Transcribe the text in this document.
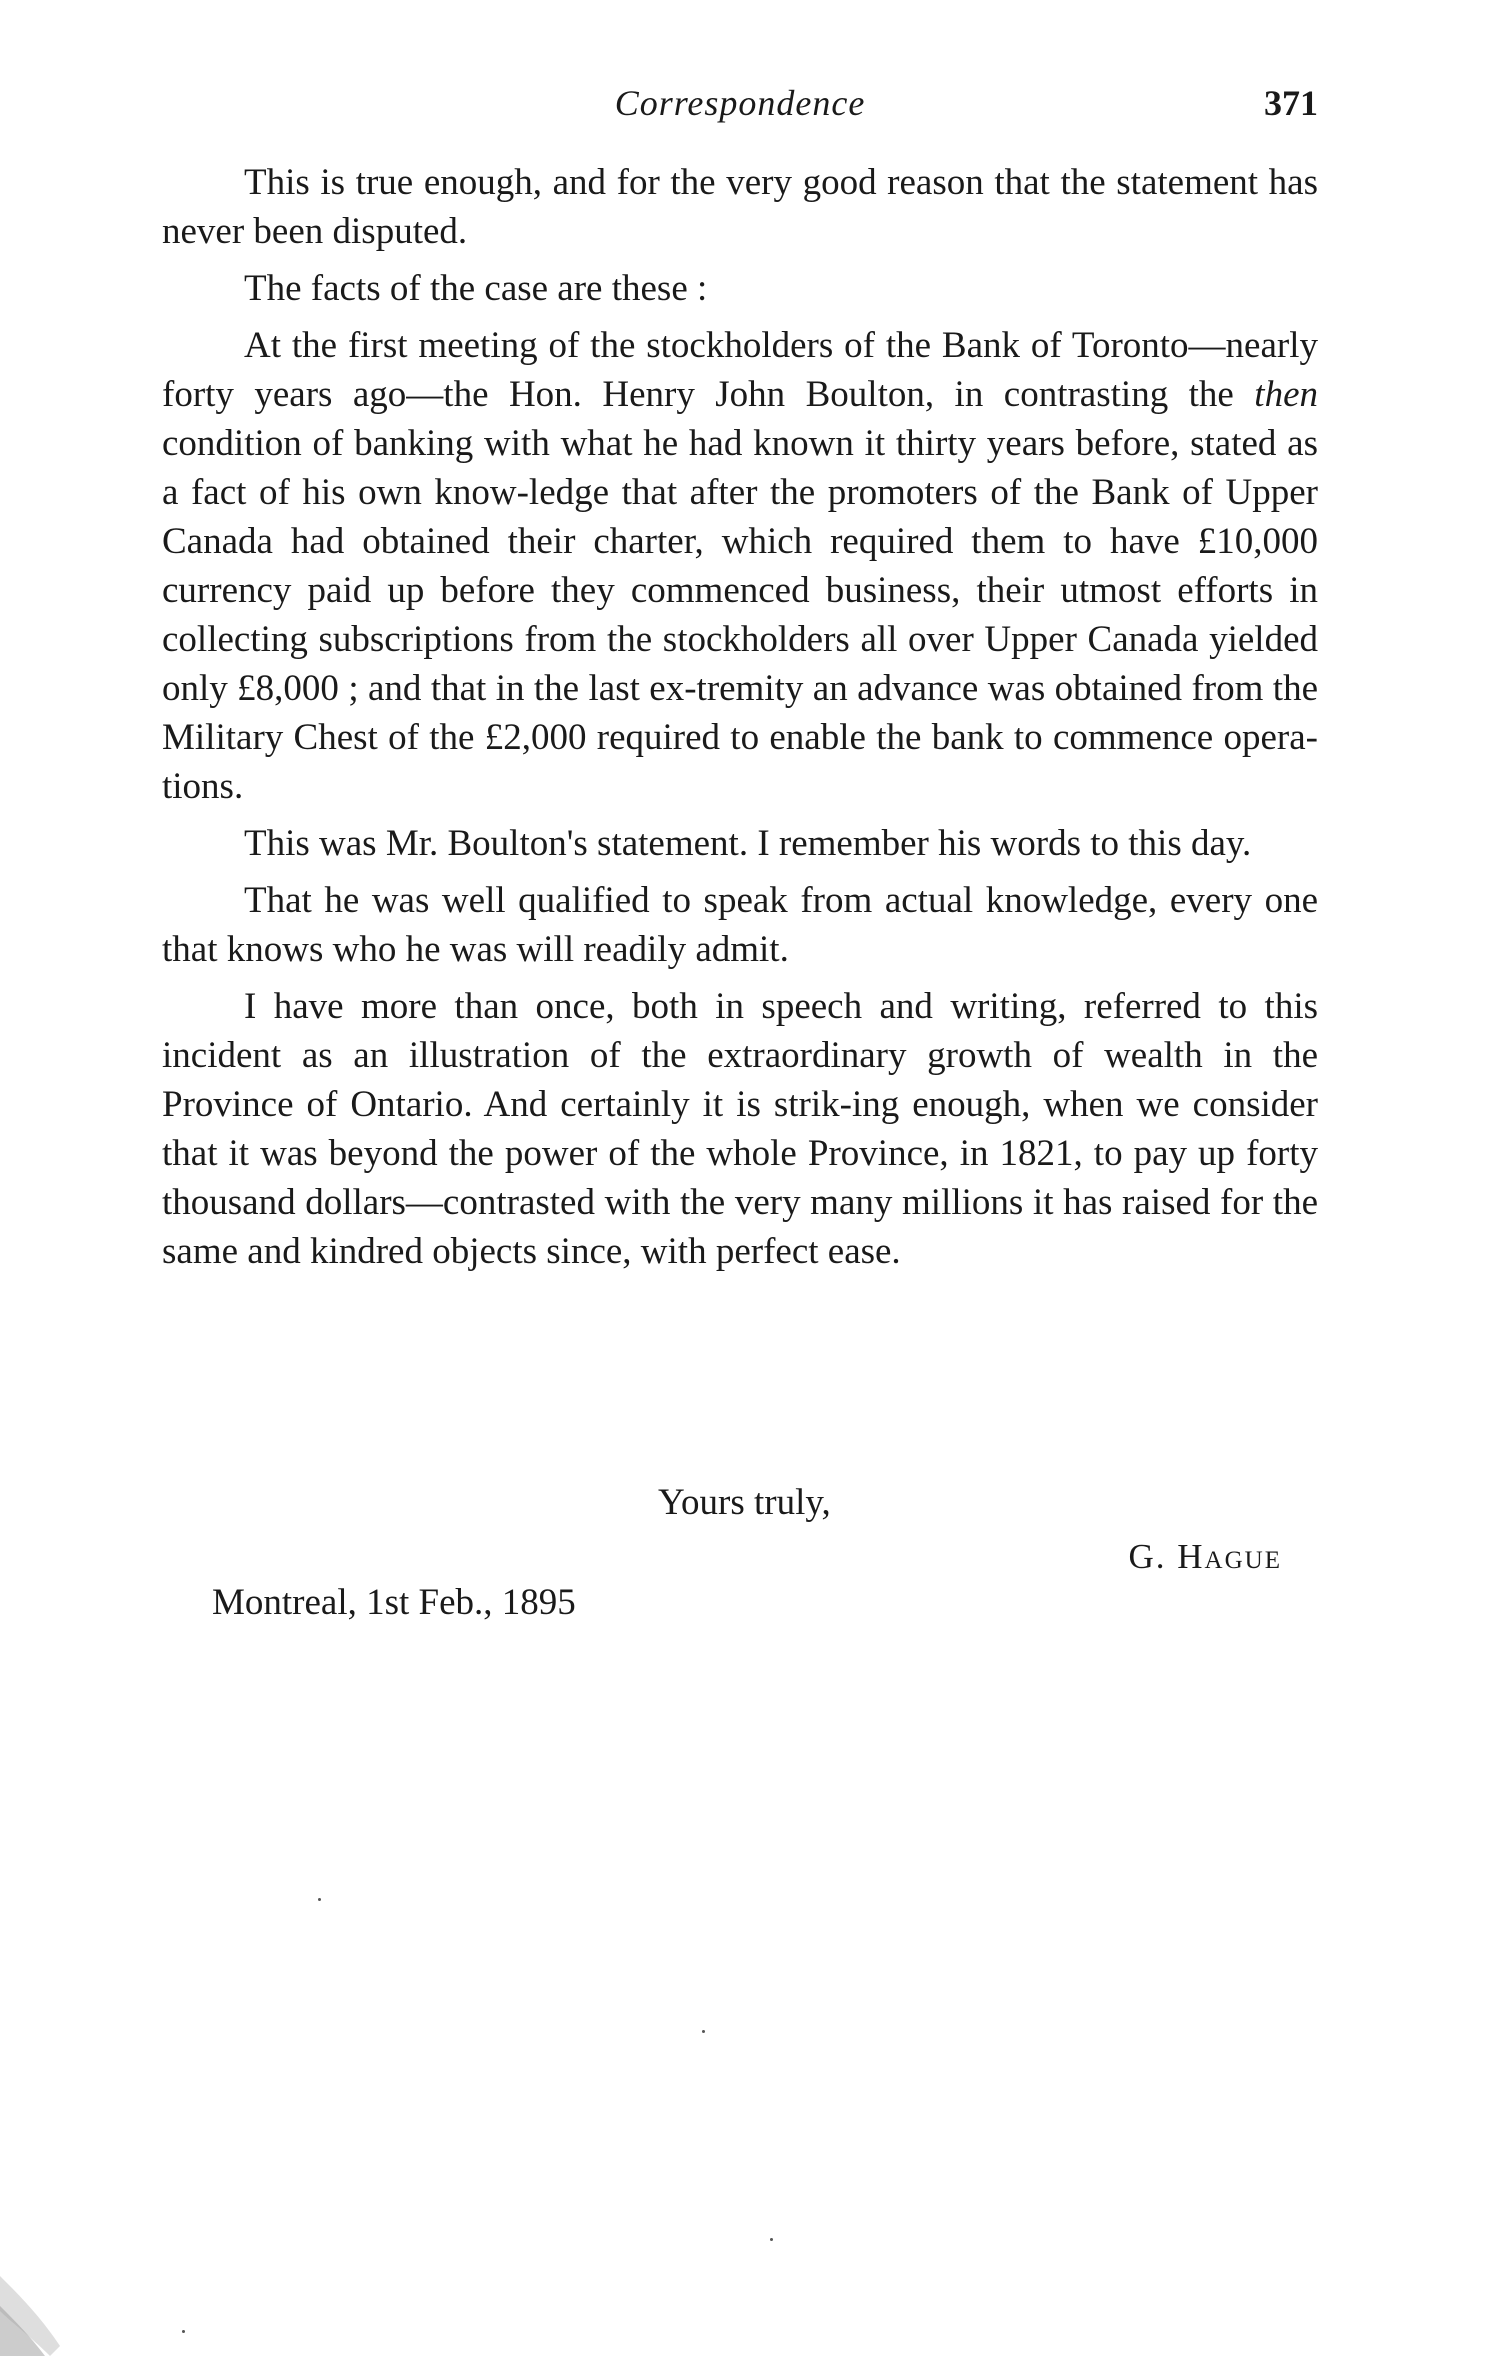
Correspondence	371

This is true enough, and for the very good reason that the statement has never been disputed.

The facts of the case are these :

At the first meeting of the stockholders of the Bank of Toronto—nearly forty years ago—the Hon. Henry John Boulton, in contrasting the then condition of banking with what he had known it thirty years before, stated as a fact of his own know-ledge that after the promoters of the Bank of Upper Canada had obtained their charter, which required them to have £10,000 currency paid up before they commenced business, their utmost efforts in collecting subscriptions from the stockholders all over Upper Canada yielded only £8,000 ; and that in the last ex-tremity an advance was obtained from the Military Chest of the £2,000 required to enable the bank to commence opera-tions.

This was Mr. Boulton's statement. I remember his words to this day.

That he was well qualified to speak from actual knowledge, every one that knows who he was will readily admit.

I have more than once, both in speech and writing, referred to this incident as an illustration of the extraordinary growth of wealth in the Province of Ontario. And certainly it is strik-ing enough, when we consider that it was beyond the power of the whole Province, in 1821, to pay up forty thousand dollars—contrasted with the very many millions it has raised for the same and kindred objects since, with perfect ease.

Yours truly,
G. Hague
Montreal, 1st Feb., 1895
